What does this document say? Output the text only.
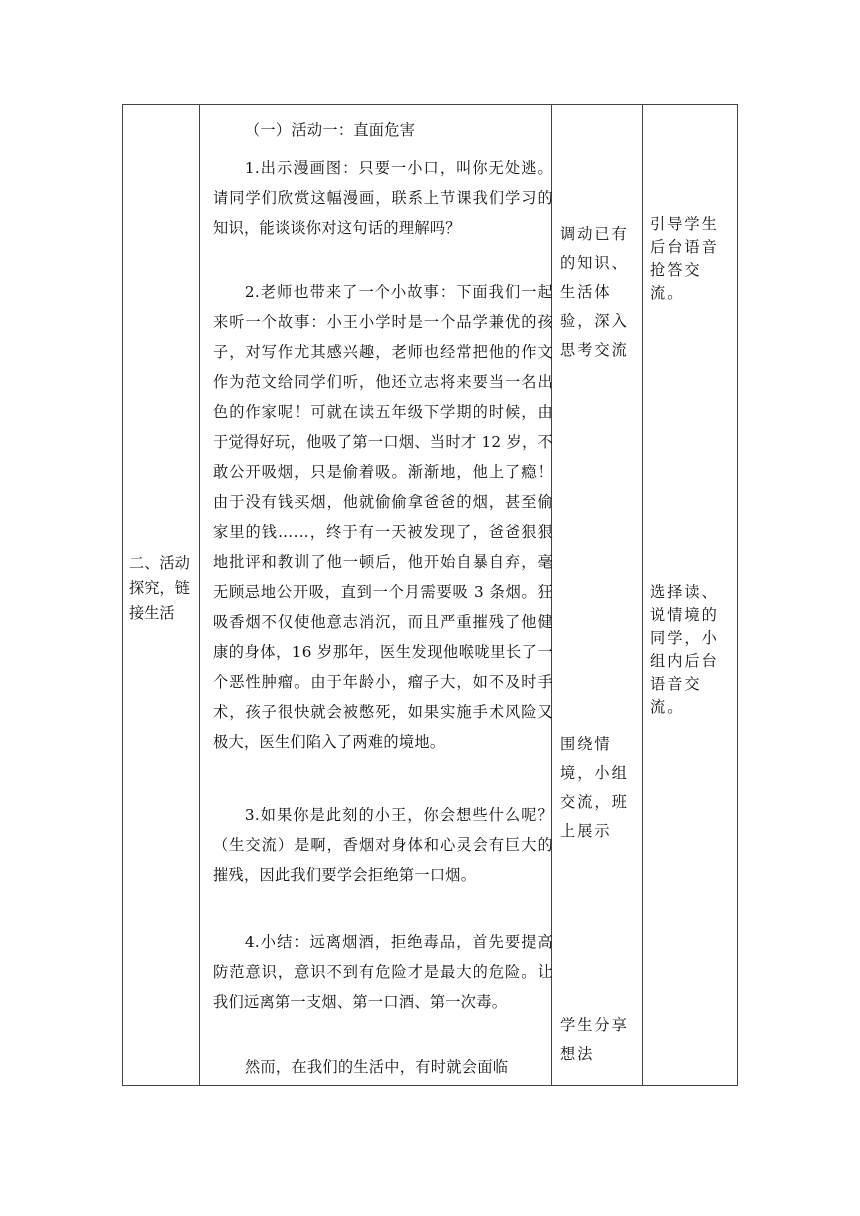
二、活动探究，链接生活

（一）活动一：直面危害

1.出示漫画图：只要一小口，叫你无处逃。请同学们欣赏这幅漫画，联系上节课我们学习的知识，能谈谈你对这句话的理解吗？

2.老师也带来了一个小故事：下面我们一起来听一个故事：小王小学时是一个品学兼优的孩子，对写作尤其感兴趣，老师也经常把他的作文作为范文给同学们听，他还立志将来要当一名出色的作家呢！可就在读五年级下学期的时候，由于觉得好玩，他吸了第一口烟、当时才 12 岁，不敢公开吸烟，只是偷着吸。渐渐地，他上了瘾！由于没有钱买烟，他就偷偷拿爸爸的烟，甚至偷家里的钱……，终于有一天被发现了，爸爸狠狠地批评和教训了他一顿后，他开始自暴自弃，毫无顾忌地公开吸，直到一个月需要吸 3 条烟。狂吸香烟不仅使他意志消沉，而且严重摧残了他健康的身体，16 岁那年，医生发现他喉咙里长了一个恶性肿瘤。由于年龄小，瘤子大，如不及时手术，孩子很快就会被憋死，如果实施手术风险又极大，医生们陷入了两难的境地。

3.如果你是此刻的小王，你会想些什么呢？（生交流）是啊，香烟对身体和心灵会有巨大的摧残，因此我们要学会拒绝第一口烟。

4.小结：远离烟酒，拒绝毒品，首先要提高防范意识，意识不到有危险才是最大的危险。让我们远离第一支烟、第一口酒、第一次毒。

然而，在我们的生活中，有时就会面临

调动已有的知识、生活体验，深入思考交流
围绕情境，小组交流，班上展示
学生分享想法
引导学生后台语音抢答交流。
选择读、说情境的同学，小组内后台语音交流。
